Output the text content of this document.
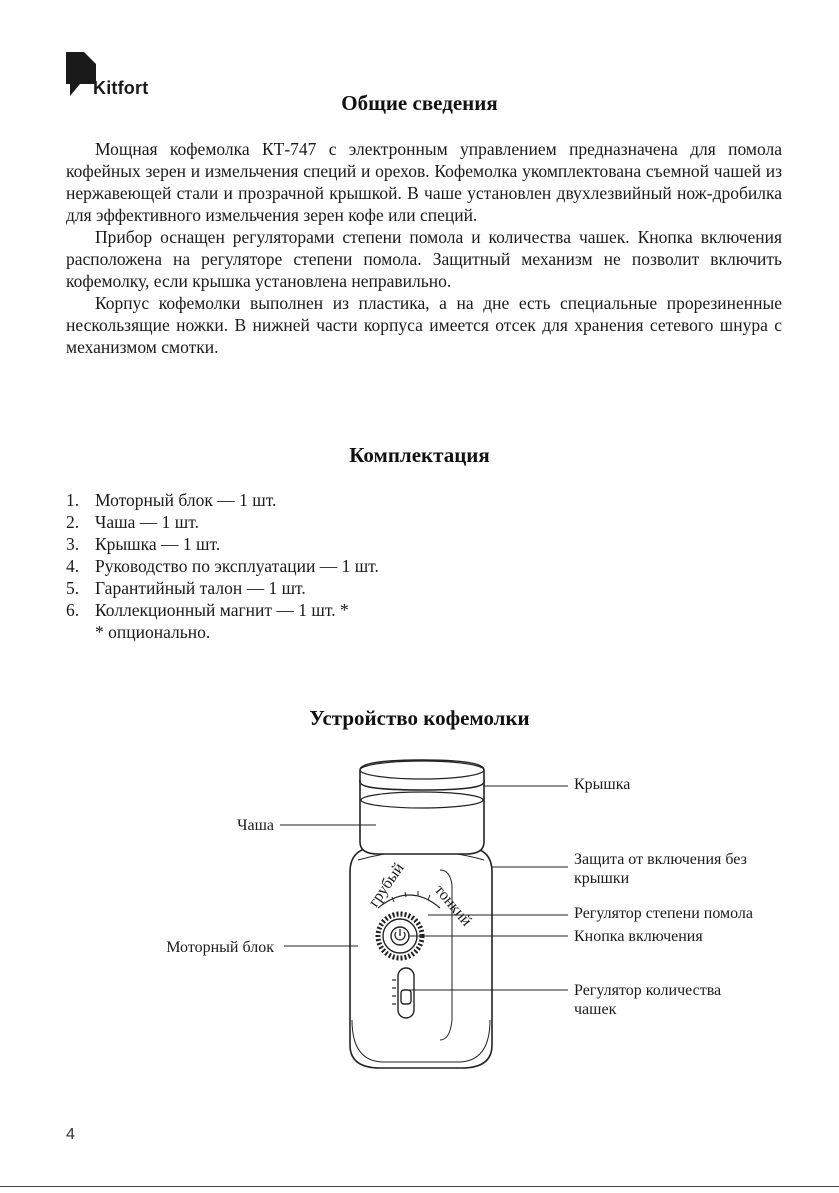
Kitfort
Общие сведения

Мощная кофемолка КТ-747 с электронным управлением предназначена для помола кофейных зерен и измельчения специй и орехов. Кофемолка укомплектована съемной чашей из нержавеющей стали и прозрачной крышкой. В чаше установлен двухлезвийный нож-дробилка для эффективного измельчения зерен кофе или специй.

Прибор оснащен регуляторами степени помола и количества чашек. Кнопка включения расположена на регуляторе степени помола. Защитный механизм не позволит включить кофемолку, если крышка установлена неправильно.

Корпус кофемолки выполнен из пластика, а на дне есть специальные прорезиненные нескользящие ножки. В нижней части корпуса имеется отсек для хранения сетевого шнура с механизмом смотки.

Комплектация
1. Моторный блок — 1 шт.
2. Чаша — 1 шт.
3. Крышка — 1 шт.
4. Руководство по эксплуатации — 1 шт.
5. Гарантийный талон — 1 шт.
6. Коллекционный магнит — 1 шт. *
* опционально.
Устройство кофемолки
грубый тонкий
Чаша
Моторный блок
Крышка
Защита от включения без
крышки
Регулятор степени помола
Кнопка включения
Регулятор количества
чашек
4
